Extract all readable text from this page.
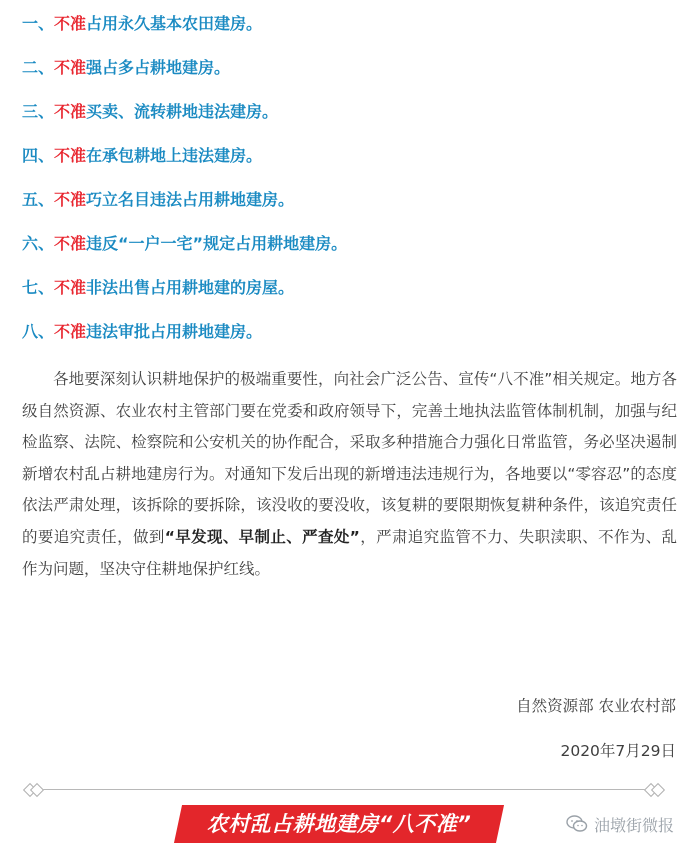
一、不准占用永久基本农田建房。
二、不准强占多占耕地建房。
三、不准买卖、流转耕地违法建房。
四、不准在承包耕地上违法建房。
五、不准巧立名目违法占用耕地建房。
六、不准违反“一户一宅”规定占用耕地建房。
七、不准非法出售占用耕地建的房屋。
八、不准违法审批占用耕地建房。

各地要深刻认识耕地保护的极端重要性，向社会广泛公告、宣传“八不准”相关规定。地方各级自然资源、农业农村主管部门要在党委和政府领导下，完善土地执法监管体制机制，加强与纪检监察、法院、检察院和公安机关的协作配合，采取多种措施合力强化日常监管，务必坚决遏制新增农村乱占耕地建房行为。对通知下发后出现的新增违法违规行为，各地要以“零容忍”的态度依法严肃处理，该拆除的要拆除，该没收的要没收，该复耕的要限期恢复耕种条件，该追究责任的要追究责任，做到“早发现、早制止、严查处”，严肃追究监管不力、失职渎职、不作为、乱作为问题，坚决守住耕地保护红线。

自然资源部 农业农村部
2020年7月29日
农村乱占耕地建房“八不准”	油墩街微报
